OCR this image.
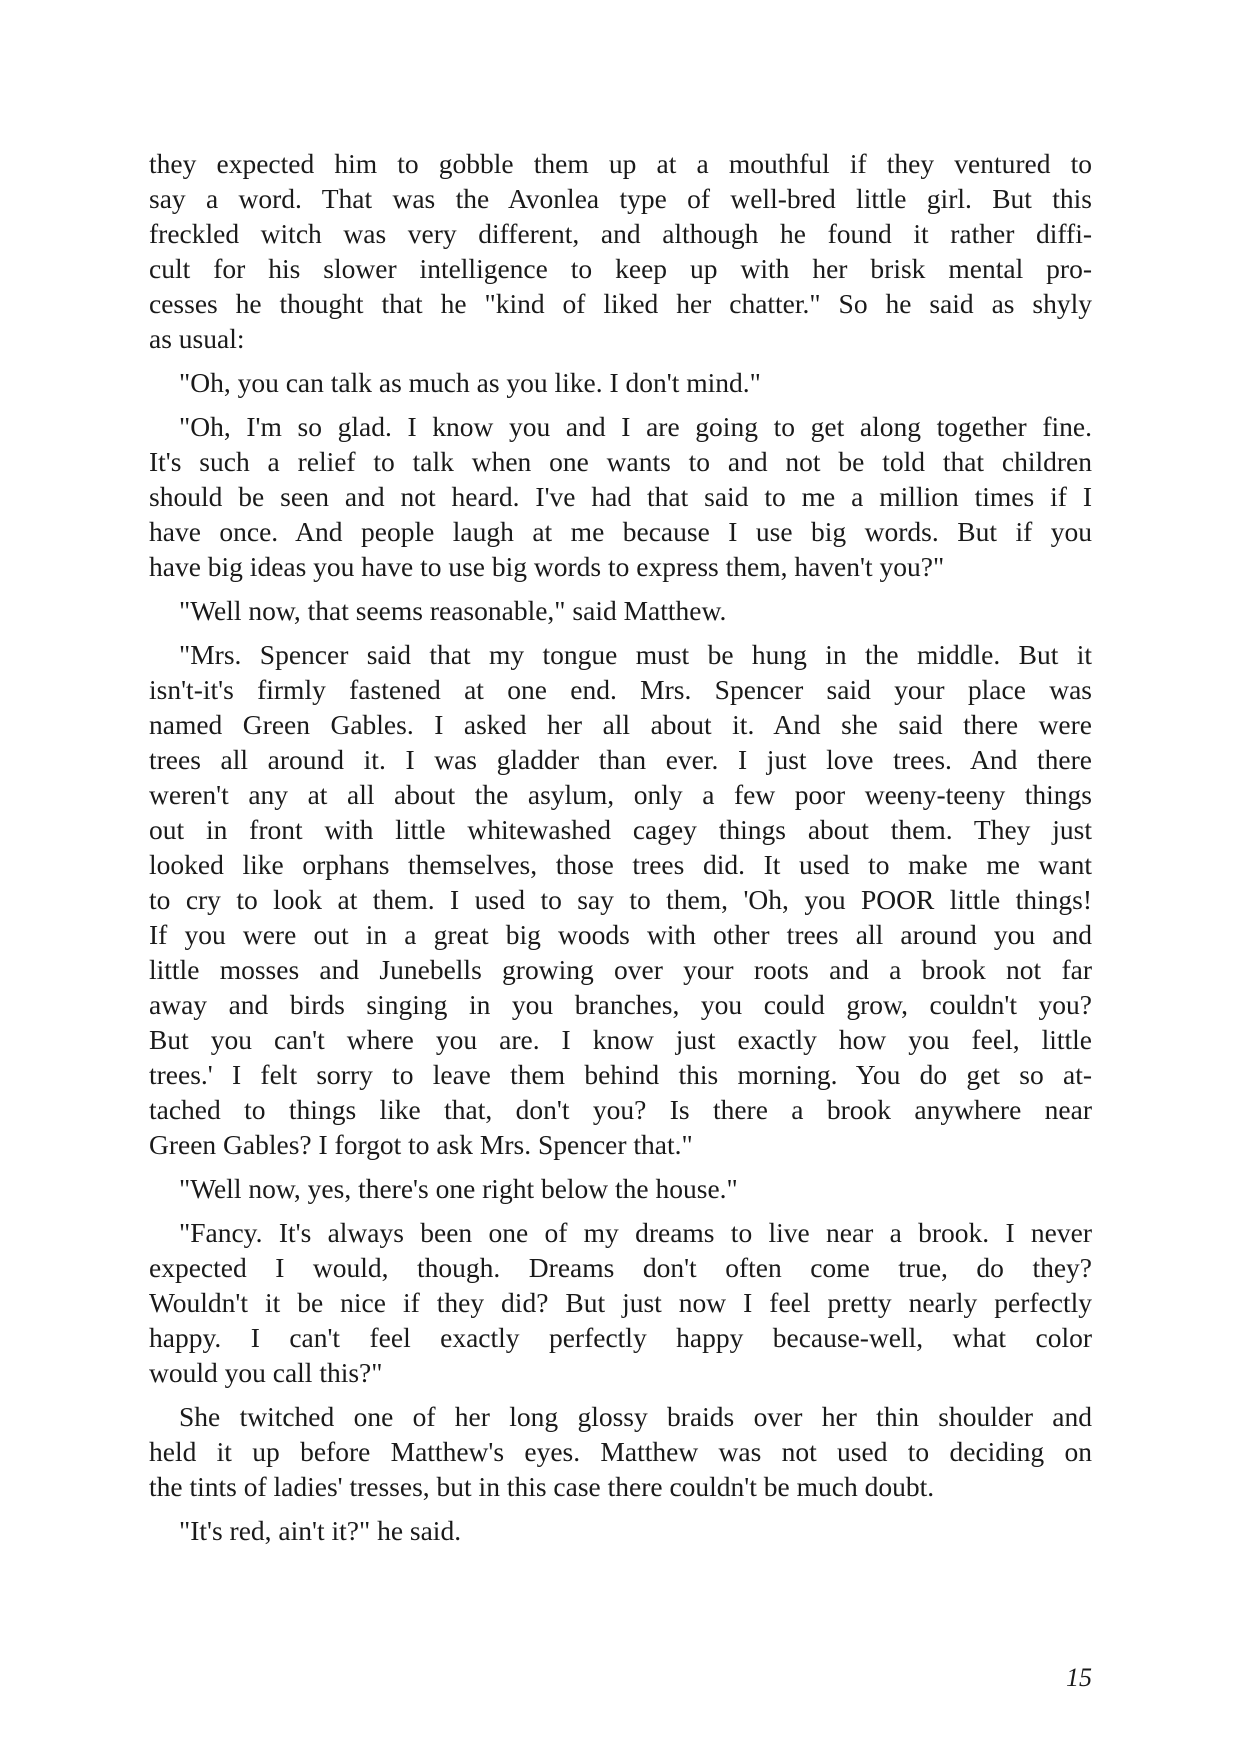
they expected him to gobble them up at a mouthful if they ventured to
say a word. That was the Avonlea type of well-bred little girl. But this
freckled witch was very different, and although he found it rather diffi-
cult for his slower intelligence to keep up with her brisk mental pro-
cesses he thought that he "kind of liked her chatter." So he said as shyly
as usual:
"Oh, you can talk as much as you like. I don't mind."
"Oh, I'm so glad. I know you and I are going to get along together fine.
It's such a relief to talk when one wants to and not be told that children
should be seen and not heard. I've had that said to me a million times if I
have once. And people laugh at me because I use big words. But if you
have big ideas you have to use big words to express them, haven't you?"
"Well now, that seems reasonable," said Matthew.
"Mrs. Spencer said that my tongue must be hung in the middle. But it
isn't-it's firmly fastened at one end. Mrs. Spencer said your place was
named Green Gables. I asked her all about it. And she said there were
trees all around it. I was gladder than ever. I just love trees. And there
weren't any at all about the asylum, only a few poor weeny-teeny things
out in front with little whitewashed cagey things about them. They just
looked like orphans themselves, those trees did. It used to make me want
to cry to look at them. I used to say to them, 'Oh, you POOR little things!
If you were out in a great big woods with other trees all around you and
little mosses and Junebells growing over your roots and a brook not far
away and birds singing in you branches, you could grow, couldn't you?
But you can't where you are. I know just exactly how you feel, little
trees.' I felt sorry to leave them behind this morning. You do get so at-
tached to things like that, don't you? Is there a brook anywhere near
Green Gables? I forgot to ask Mrs. Spencer that."
"Well now, yes, there's one right below the house."
"Fancy. It's always been one of my dreams to live near a brook. I never
expected I would, though. Dreams don't often come true, do they?
Wouldn't it be nice if they did? But just now I feel pretty nearly perfectly
happy. I can't feel exactly perfectly happy because-well, what color
would you call this?"
She twitched one of her long glossy braids over her thin shoulder and
held it up before Matthew's eyes. Matthew was not used to deciding on
the tints of ladies' tresses, but in this case there couldn't be much doubt.
"It's red, ain't it?" he said.
15
